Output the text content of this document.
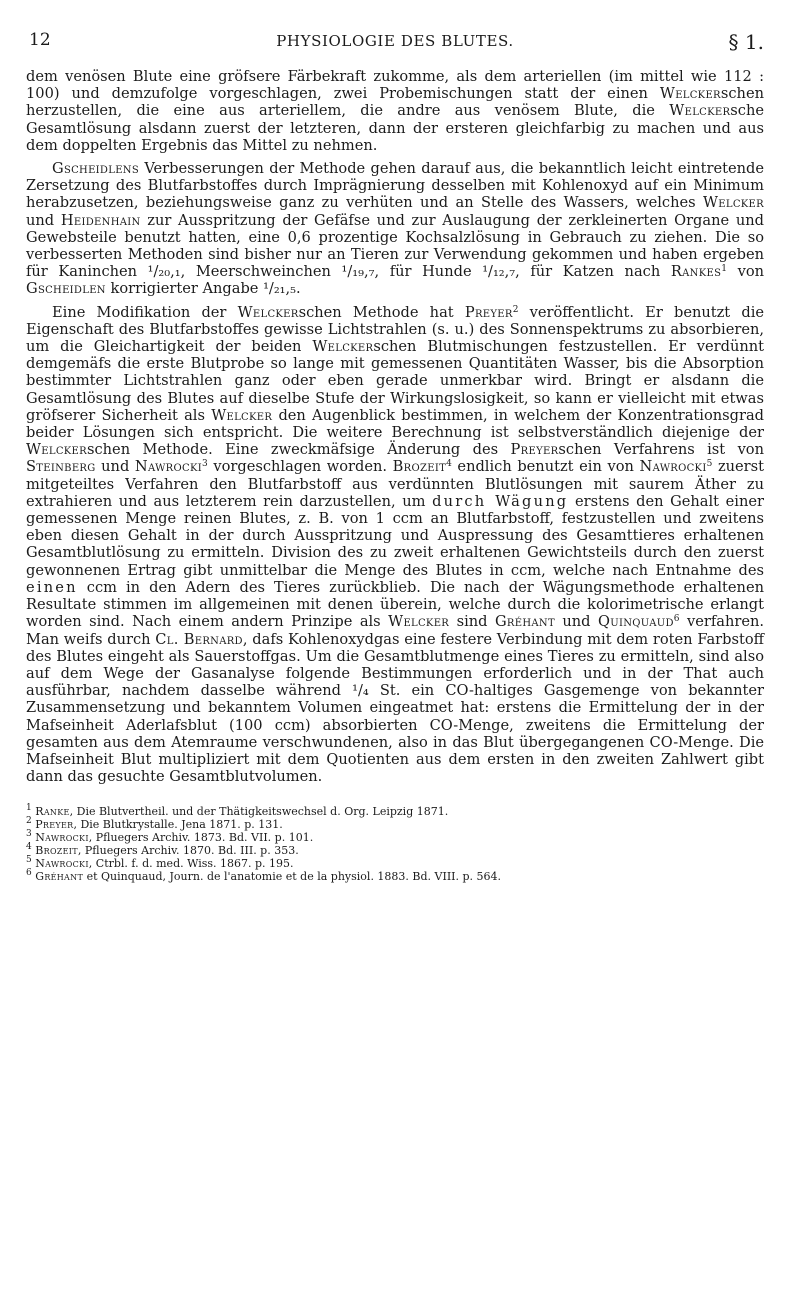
12	PHYSIOLOGIE DES BLUTES.	§ 1.

dem venösen Blute eine gröfsere Färbekraft zukomme, als dem arteriellen (im mittel wie 112 : 100) und demzufolge vorgeschlagen, zwei Probemischungen statt der einen Welckerschen herzustellen, die eine aus arteriellem, die andre aus venösem Blute, die Welckersche Gesamtlösung alsdann zuerst der letzteren, dann der ersteren gleichfarbig zu machen und aus dem doppelten Ergebnis das Mittel zu nehmen.

Gscheidlens Verbesserungen der Methode gehen darauf aus, die bekanntlich leicht eintretende Zersetzung des Blutfarbstoffes durch Imprägnierung desselben mit Kohlenoxyd auf ein Minimum herabzusetzen, beziehungsweise ganz zu verhüten und an Stelle des Wassers, welches Welcker und Heidenhain zur Ausspritzung der Gefäfse und zur Auslaugung der zerkleinerten Organe und Gewebsteile benutzt hatten, eine 0,6 prozentige Kochsalzlösung in Gebrauch zu ziehen. Die so verbesserten Methoden sind bisher nur an Tieren zur Verwendung gekommen und haben ergeben für Kaninchen ¹/₂₀,₁, Meerschweinchen ¹/₁₉,₇, für Hunde ¹/₁₂,₇, für Katzen nach Rankes$^1$ von Gscheidlen korrigierter Angabe ¹/₂₁,₅.

Eine Modifikation der Welckerschen Methode hat Preyer$^2$ veröffentlicht. Er benutzt die Eigenschaft des Blutfarbstoffes gewisse Lichtstrahlen (s. u.) des Sonnenspektrums zu absorbieren, um die Gleichartigkeit der beiden Welckerschen Blutmischungen festzustellen. Er verdünnt demgemäfs die erste Blutprobe so lange mit gemessenen Quantitäten Wasser, bis die Absorption bestimmter Lichtstrahlen ganz oder eben gerade unmerkbar wird. Bringt er alsdann die Gesamtlösung des Blutes auf dieselbe Stufe der Wirkungslosigkeit, so kann er vielleicht mit etwas gröfserer Sicherheit als Welcker den Augenblick bestimmen, in welchem der Konzentrationsgrad beider Lösungen sich entspricht. Die weitere Berechnung ist selbstverständlich diejenige der Welckerschen Methode. Eine zweckmäfsige Änderung des Preyerschen Verfahrens ist von Steinberg und Nawrocki$^3$ vorgeschlagen worden. Brozeit$^4$ endlich benutzt ein von Nawrocki$^5$ zuerst mitgeteiltes Verfahren den Blutfarbstoff aus verdünnten Blutlösungen mit saurem Äther zu extrahieren und aus letzterem rein darzustellen, um durch Wägung erstens den Gehalt einer gemessenen Menge reinen Blutes, z. B. von 1 ccm an Blutfarbstoff, festzustellen und zweitens eben diesen Gehalt in der durch Ausspritzung und Auspressung des Gesamttieres erhaltenen Gesamtblutlösung zu ermitteln. Division des zu zweit erhaltenen Gewichtsteils durch den zuerst gewonnenen Ertrag gibt unmittelbar die Menge des Blutes in ccm, welche nach Entnahme des einen ccm in den Adern des Tieres zurückblieb. Die nach der Wägungsmethode erhaltenen Resultate stimmen im allgemeinen mit denen überein, welche durch die kolorimetrische erlangt worden sind. Nach einem andern Prinzipe als Welcker sind Gréhant und Quinquaud$^6$ verfahren. Man weifs durch Cl. Bernard, dafs Kohlenoxydgas eine festere Verbindung mit dem roten Farbstoff des Blutes eingeht als Sauerstoffgas. Um die Gesamtblutmenge eines Tieres zu ermitteln, sind also auf dem Wege der Gasanalyse folgende Bestimmungen erforderlich und in der That auch ausführbar, nachdem dasselbe während ¹/₄ St. ein CO-haltiges Gasgemenge von bekannter Zusammensetzung und bekanntem Volumen eingeatmet hat: erstens die Ermittelung der in der Mafseinheit Aderlafsblut (100 ccm) absorbierten CO-Menge, zweitens die Ermittelung der gesamten aus dem Atemraume verschwundenen, also in das Blut übergegangenen CO-Menge. Die Mafseinheit Blut multipliziert mit dem Quotienten aus dem ersten in den zweiten Zahlwert gibt dann das gesuchte Gesamtblutvolumen.

$^1$ Ranke, Die Blutvertheil. und der Thätigkeitswechsel d. Org. Leipzig 1871.
$^2$ Preyer, Die Blutkrystalle. Jena 1871. p. 131.
$^3$ Nawrocki, Pfluegers Archiv. 1873. Bd. VII. p. 101.
$^4$ Brozeit, Pfluegers Archiv. 1870. Bd. III. p. 353.
$^5$ Nawrocki, Ctrbl. f. d. med. Wiss. 1867. p. 195.
$^6$ Gréhant et Quinquaud, Journ. de l'anatomie et de la physiol. 1883. Bd. VIII. p. 564.
